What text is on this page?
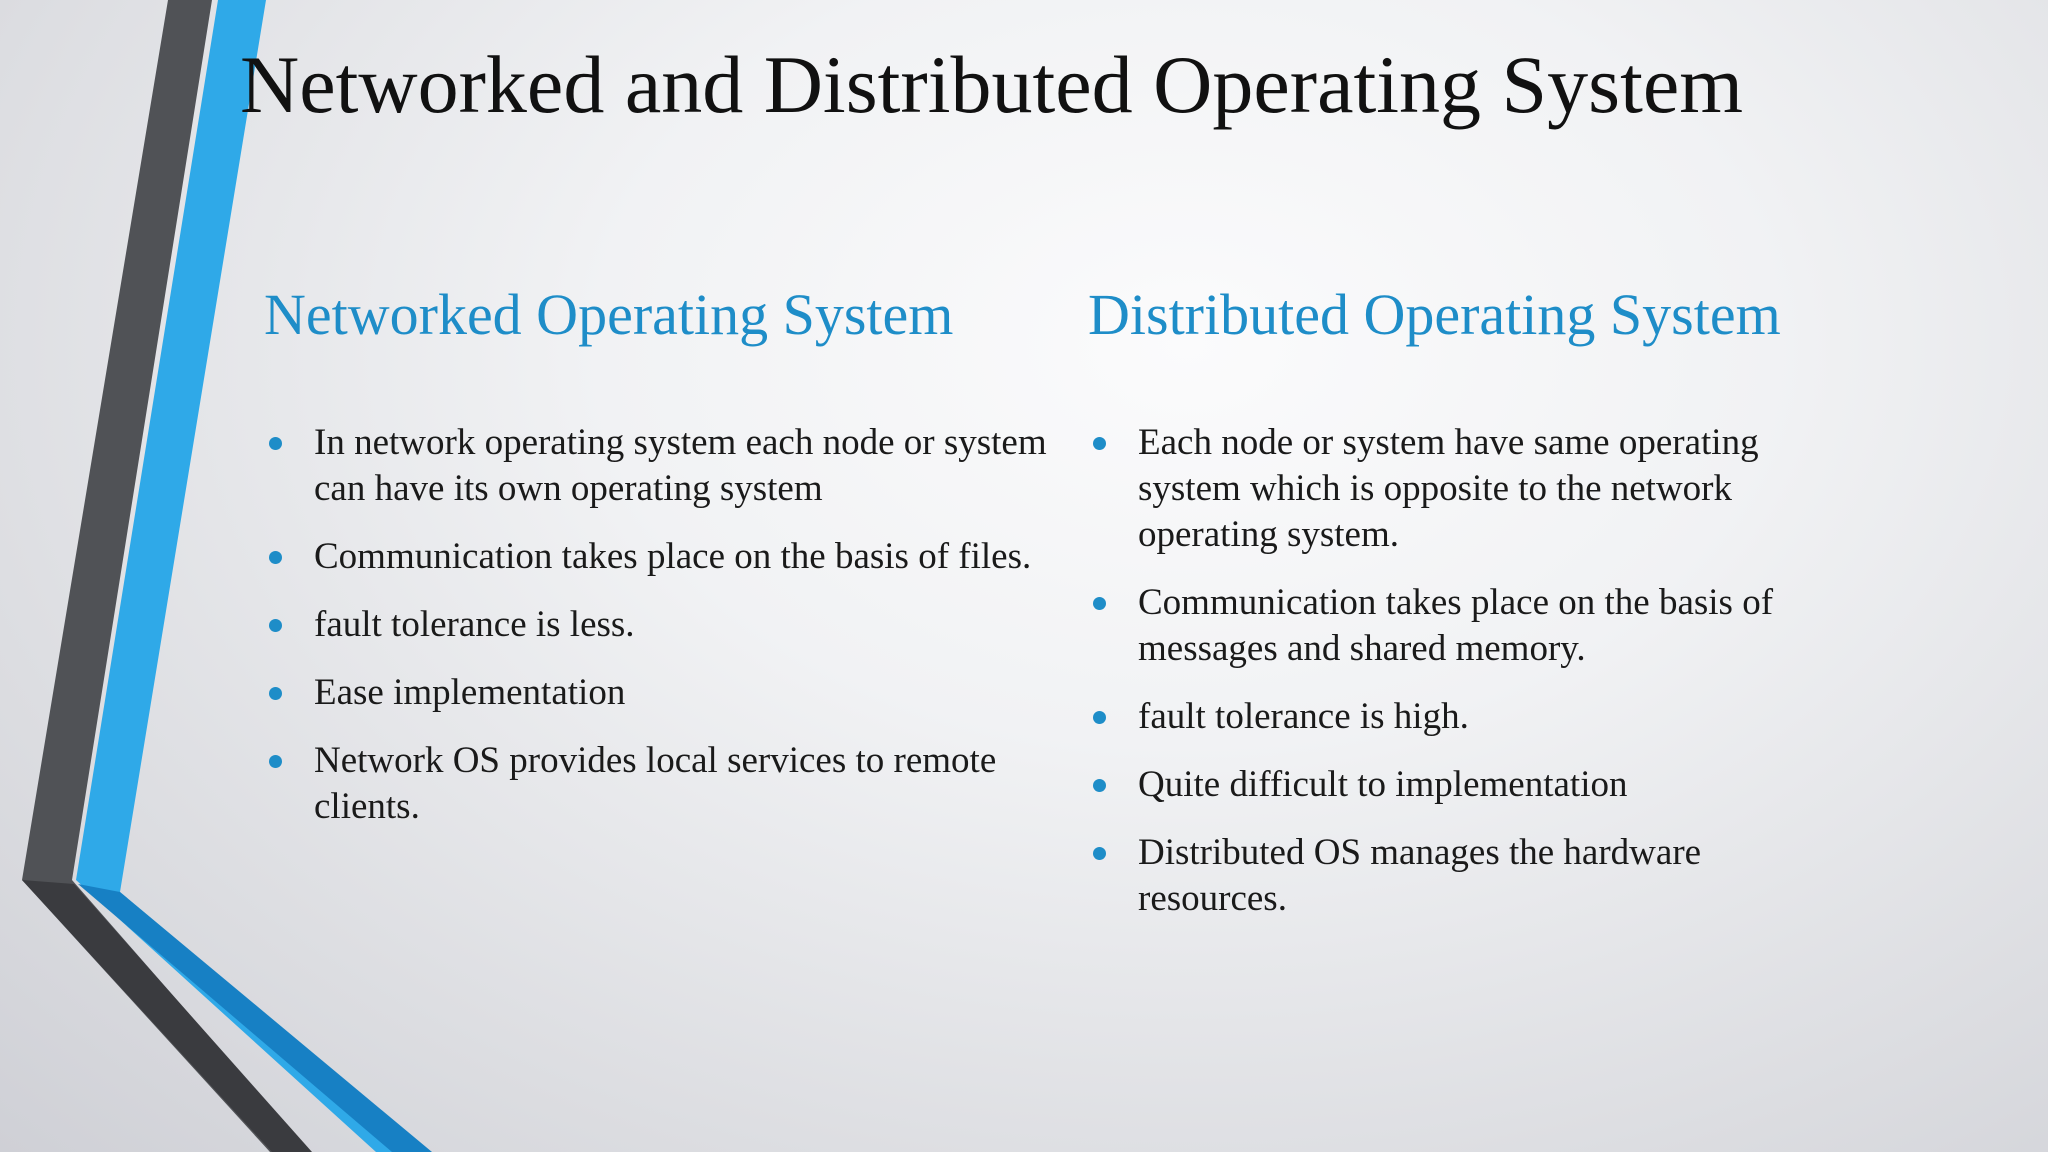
Networked and Distributed Operating System
Networked Operating System
In network operating system each node or system can have its own operating system
Communication takes place on the basis of files.
fault tolerance is less.
Ease implementation
Network OS provides local services to remote clients.
Distributed Operating System
Each node or system have same operating system which is opposite to the network operating system.
Communication takes place on the basis of messages and shared memory.
fault tolerance is high.
Quite difficult to implementation
Distributed OS manages the hardware resources.
